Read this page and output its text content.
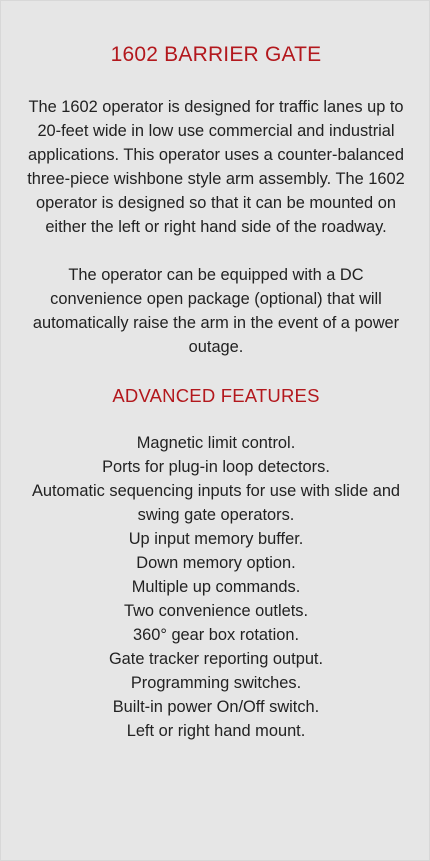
1602 BARRIER GATE

The 1602 operator is designed for traffic lanes up to 20-feet wide in low use commercial and industrial applications. This operator uses a counter-balanced three-piece wishbone style arm assembly. The 1602 operator is designed so that it can be mounted on either the left or right hand side of the roadway.

The operator can be equipped with a DC convenience open package (optional) that will automatically raise the arm in the event of a power outage.

ADVANCED FEATURES
Magnetic limit control.
Ports for plug-in loop detectors.
Automatic sequencing inputs for use with slide and swing gate operators.
Up input memory buffer.
Down memory option.
Multiple up commands.
Two convenience outlets.
360° gear box rotation.
Gate tracker reporting output.
Programming switches.
Built-in power On/Off switch.
Left or right hand mount.
